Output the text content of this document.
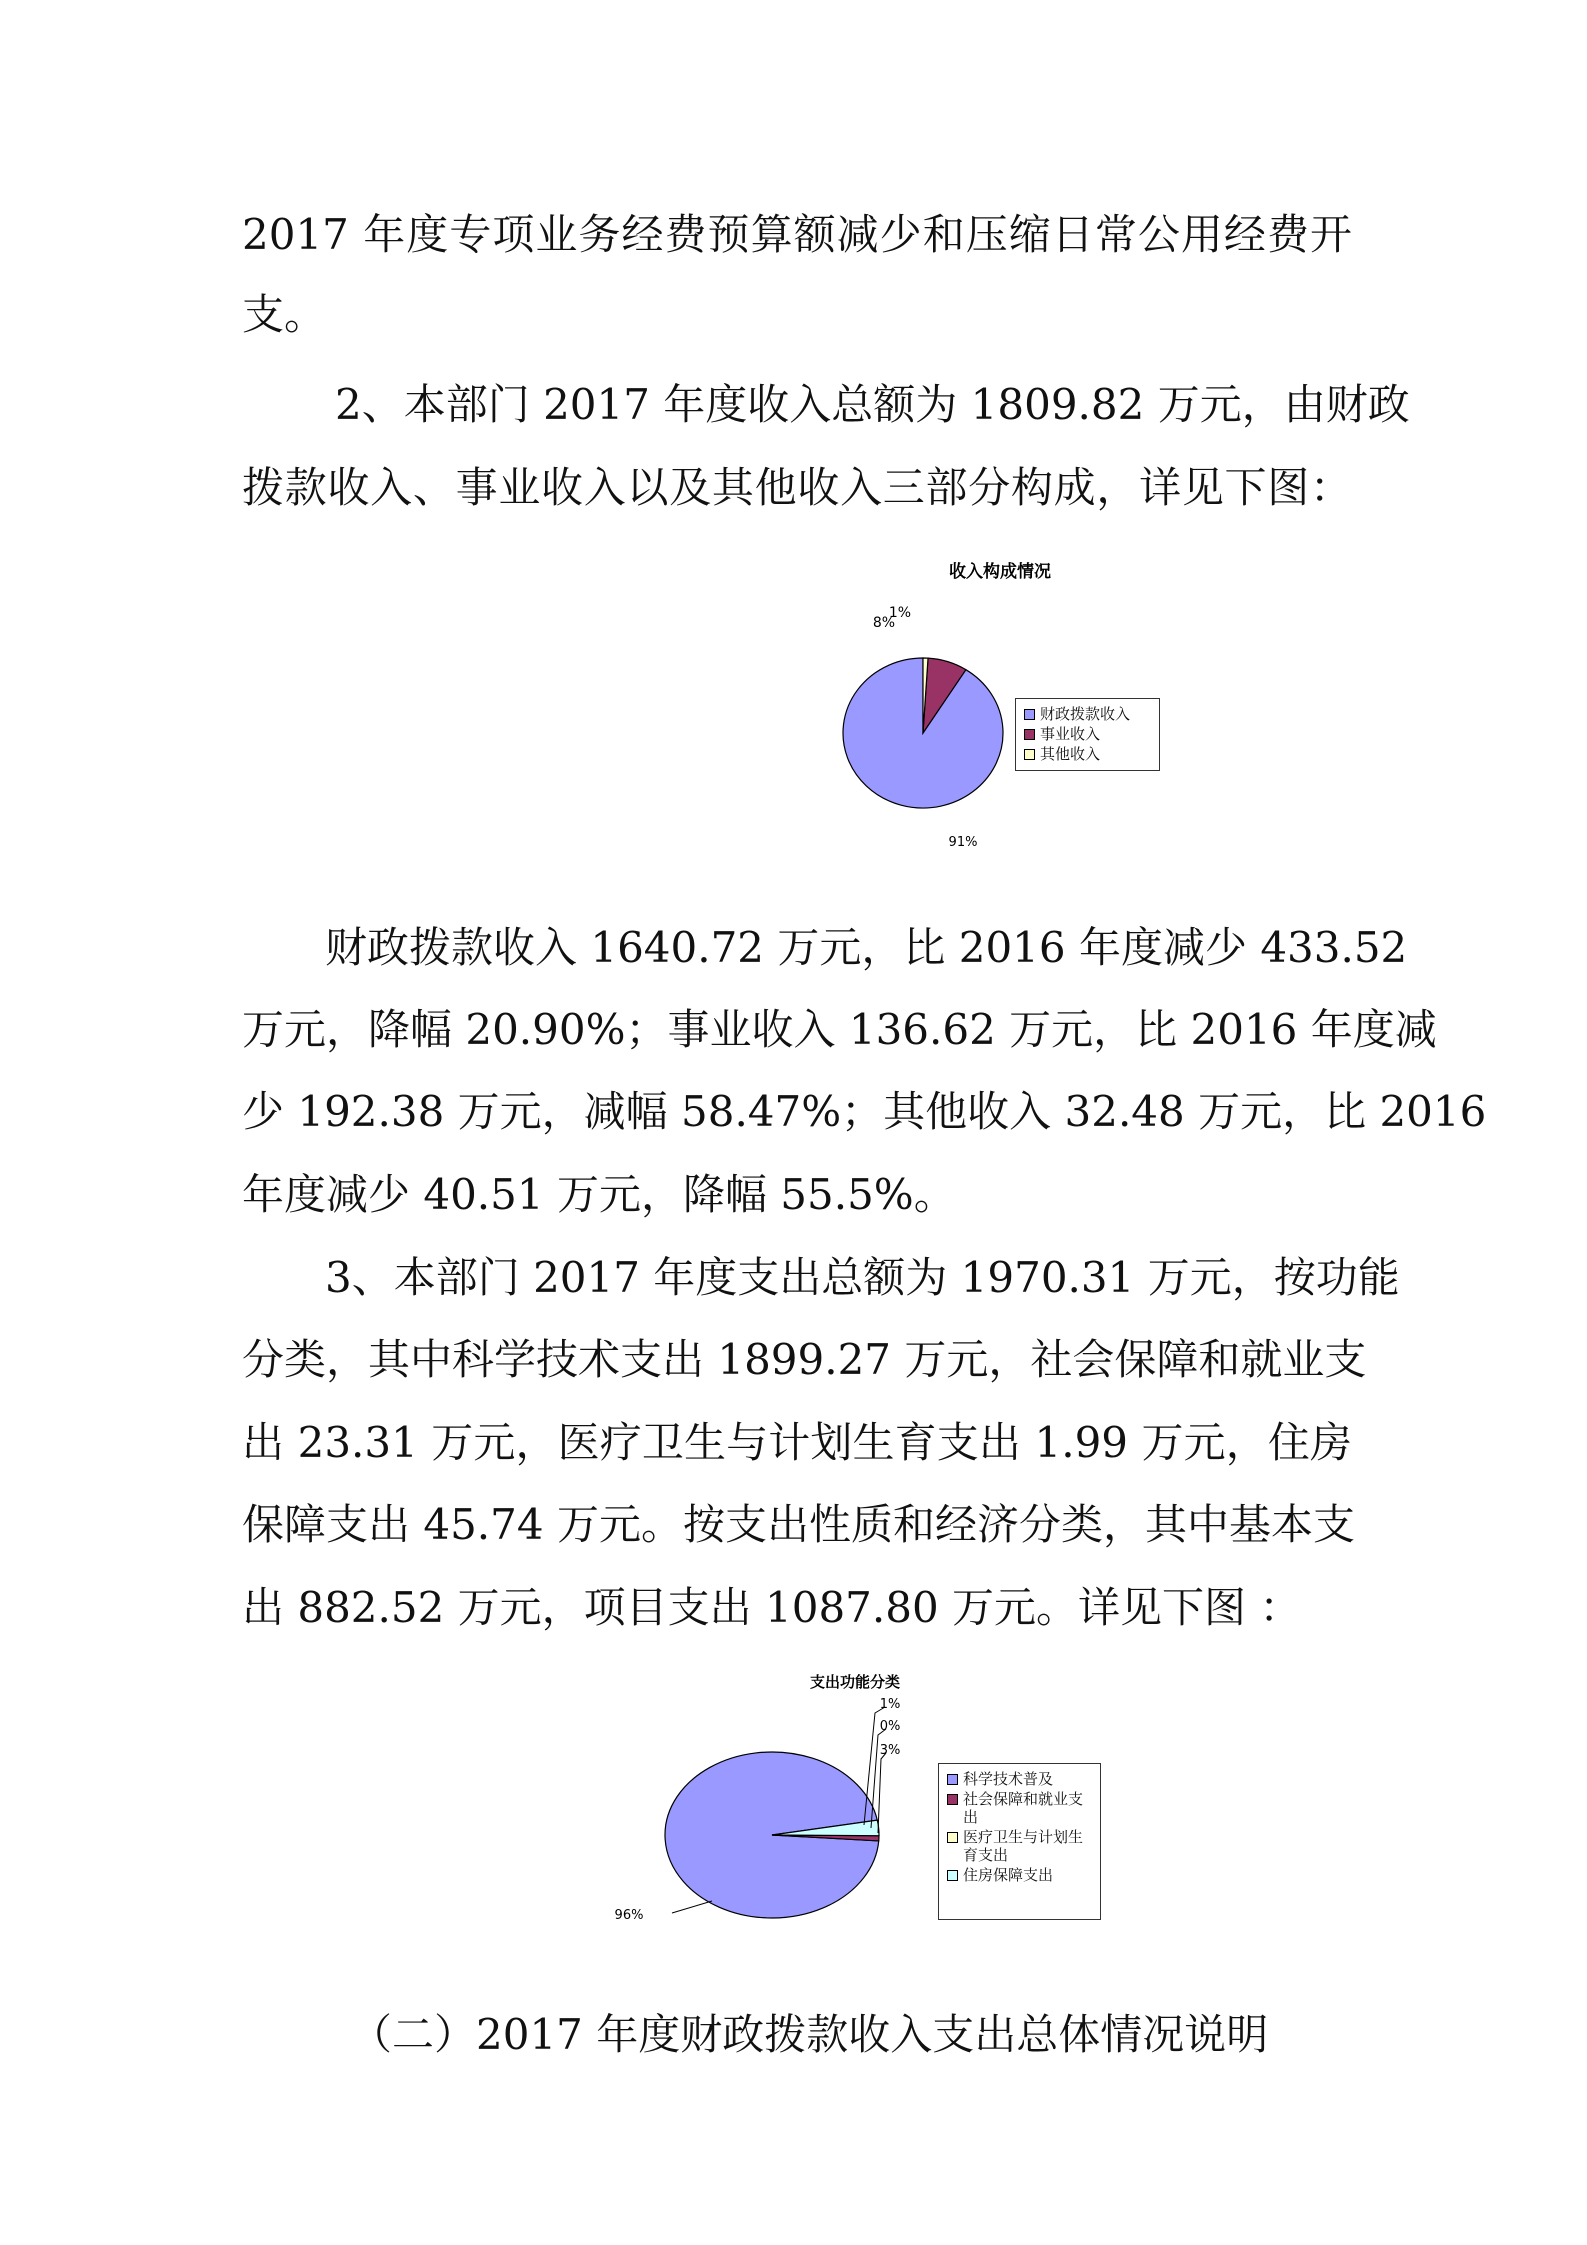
2017 年度专项业务经费预算额减少和压缩日常公用经费开
支。
2、本部门 2017 年度收入总额为 1809.82 万元，由财政
拨款收入、事业收入以及其他收入三部分构成，详见下图：
收入构成情况
91%
8%
1%
财政拨款收入
事业收入
其他收入
财政拨款收入 1640.72 万元，比 2016 年度减少 433.52
万元，降幅 20.90%；事业收入 136.62 万元，比 2016 年度减
少 192.38 万元，减幅 58.47%；其他收入 32.48 万元，比 2016
年度减少 40.51 万元，降幅 55.5%。
3、本部门 2017 年度支出总额为 1970.31 万元，按功能
分类，其中科学技术支出 1899.27 万元，社会保障和就业支
出 23.31 万元，医疗卫生与计划生育支出 1.99 万元，住房
保障支出 45.74 万元。按支出性质和经济分类，其中基本支
出 882.52 万元，项目支出 1087.80 万元。详见下图 ：
支出功能分类
96%
1%
0%
3%
科学技术普及
社会保障和就业支出
医疗卫生与计划生育支出
住房保障支出
（二）2017 年度财政拨款收入支出总体情况说明
